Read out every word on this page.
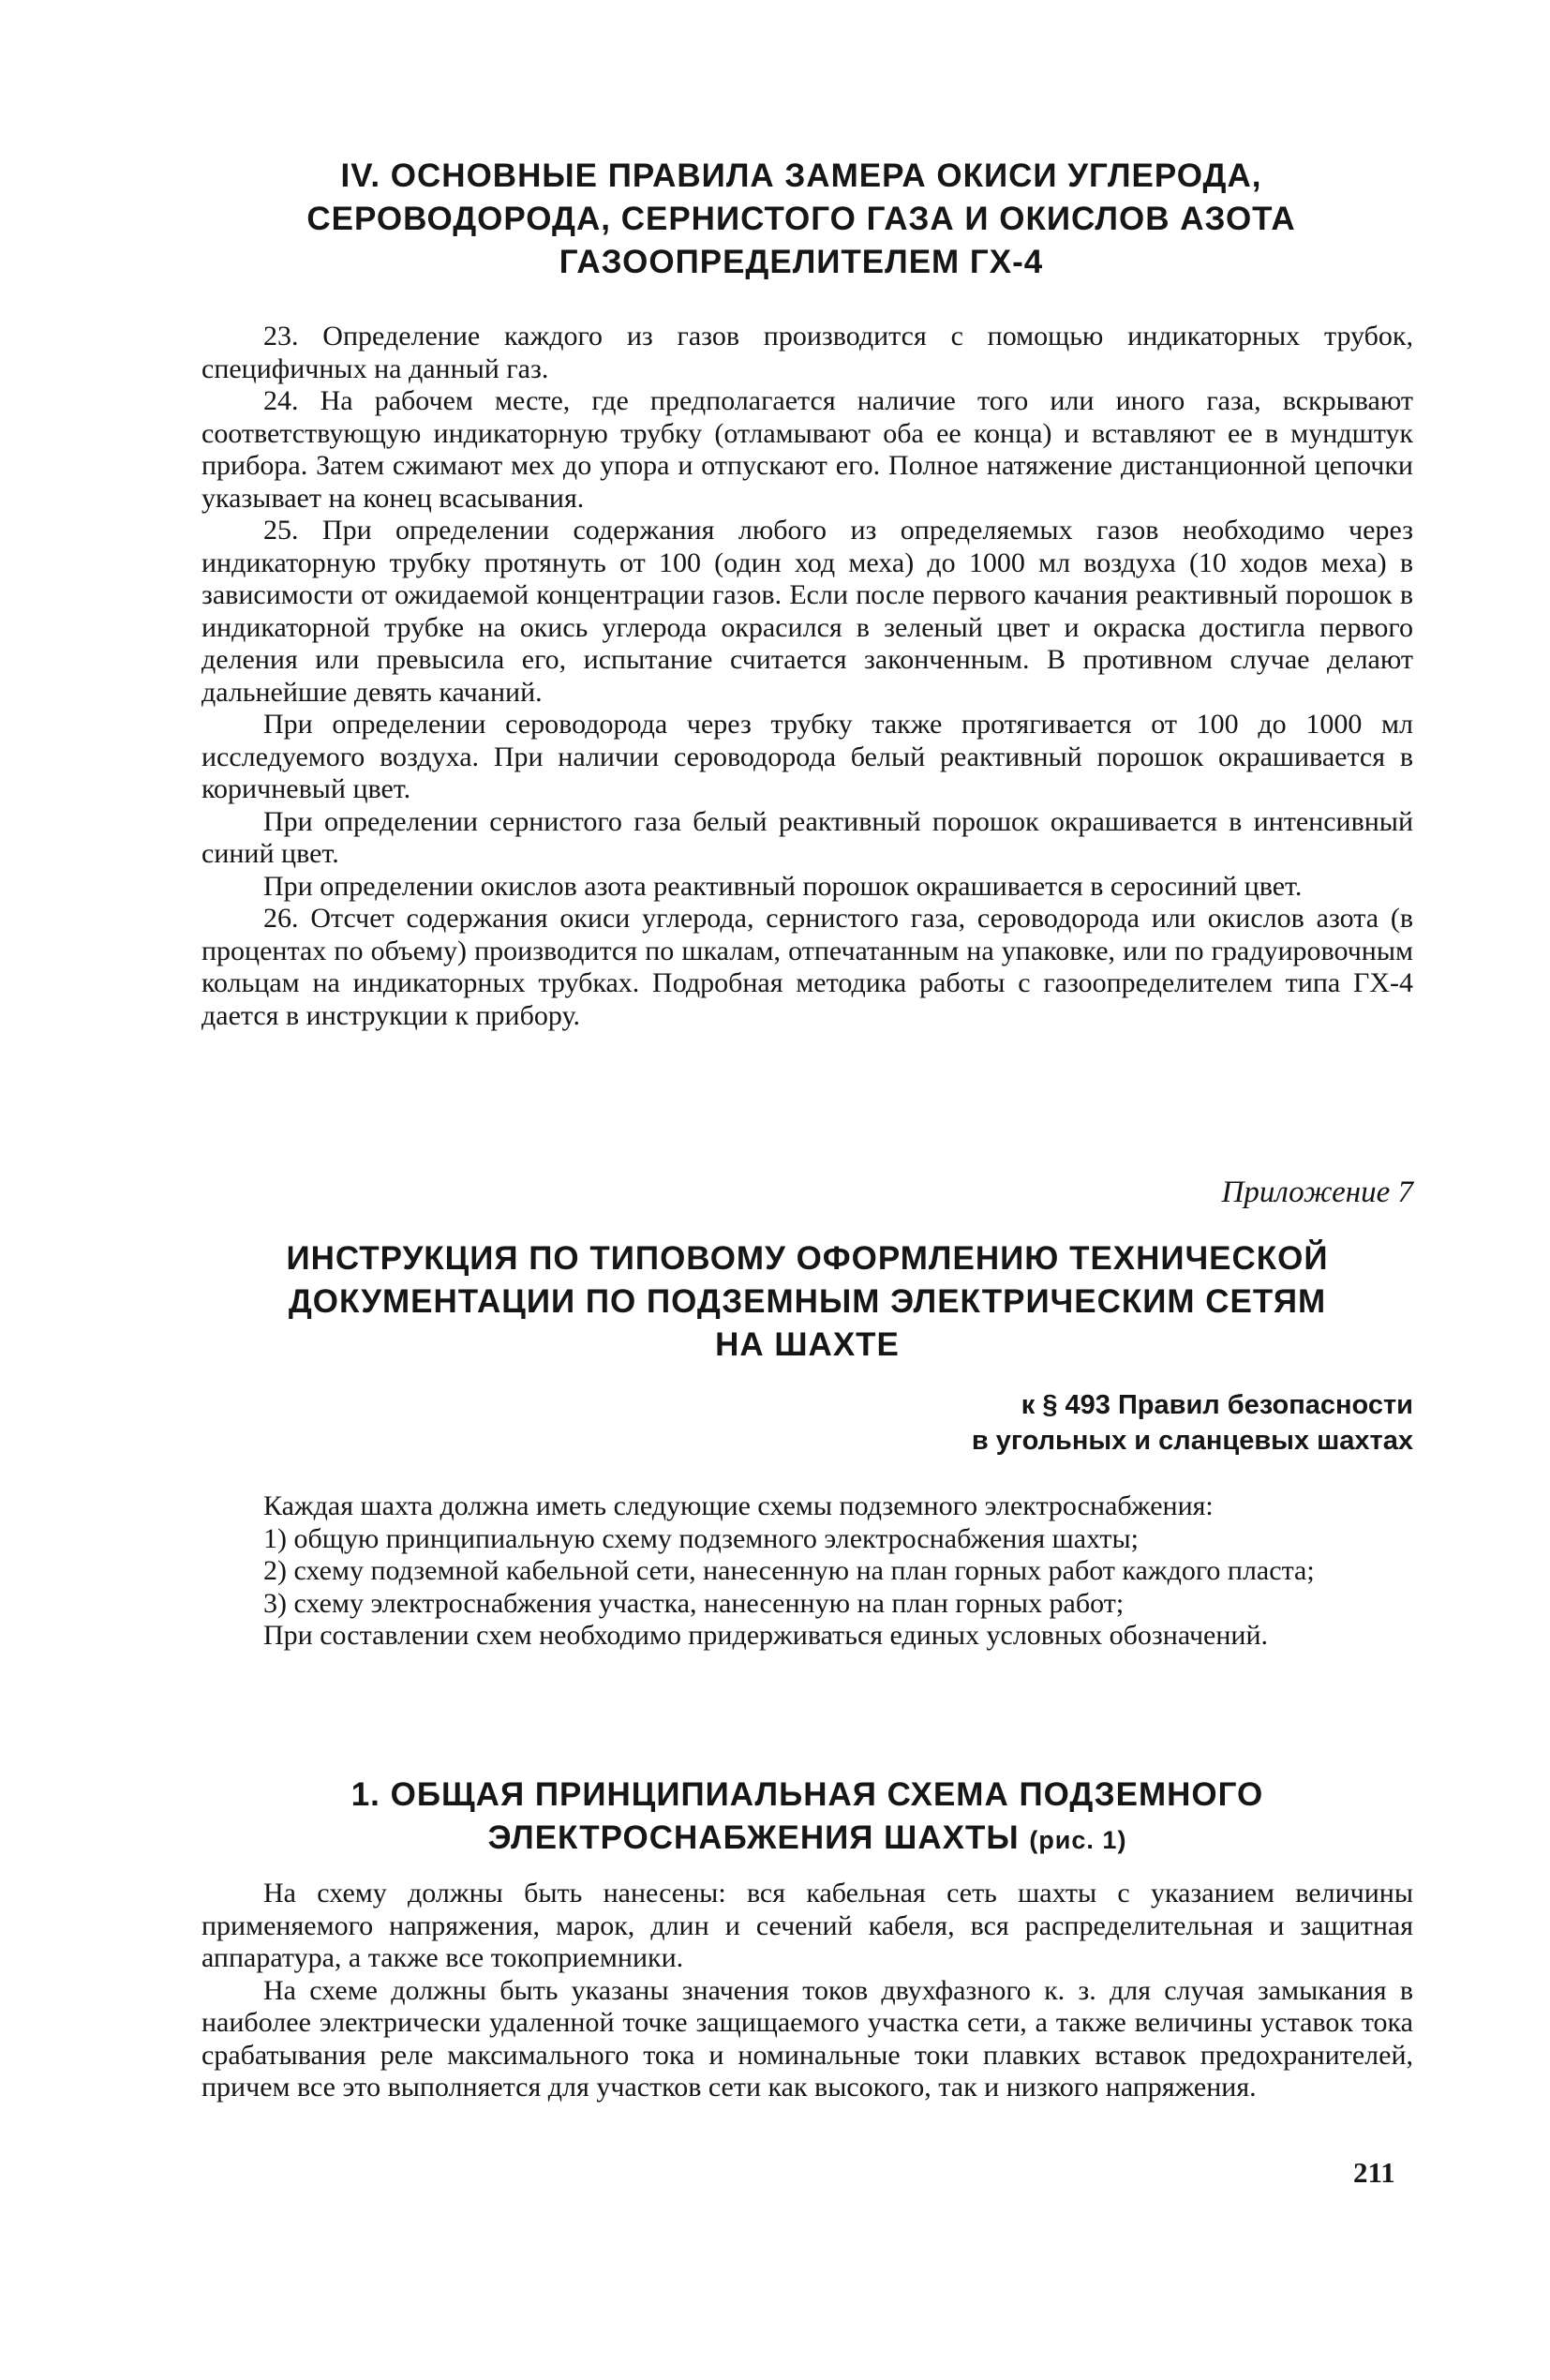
IV. ОСНОВНЫЕ ПРАВИЛА ЗАМЕРА ОКИСИ УГЛЕРОДА,
СЕРОВОДОРОДА, СЕРНИСТОГО ГАЗА И ОКИСЛОВ АЗОТА
ГАЗООПРЕДЕЛИТЕЛЕМ ГХ-4

23. Определение каждого из газов производится с помощью индикаторных трубок, специфичных на данный газ.

24. На рабочем месте, где предполагается наличие того или иного газа, вскрывают соответствующую индикаторную трубку (отламывают оба ее конца) и вставляют ее в мундштук прибора. Затем сжимают мех до упора и отпускают его. Полное натяжение дистанционной цепочки указывает на конец всасывания.

25. При определении содержания любого из определяемых газов необходимо через индикаторную трубку протянуть от 100 (один ход меха) до 1000 мл воздуха (10 ходов меха) в зависимости от ожидаемой концентрации газов. Если после первого качания реактивный порошок в индикаторной трубке на окись углерода окрасился в зеленый цвет и окраска достигла первого деления или превысила его, испытание считается законченным. В противном случае делают дальнейшие девять качаний.

При определении сероводорода через трубку также протягивается от 100 до 1000 мл исследуемого воздуха. При наличии сероводорода белый реактивный порошок окрашивается в коричневый цвет.

При определении сернистого газа белый реактивный порошок окрашивается в интенсивный синий цвет.

При определении окислов азота реактивный порошок окрашивается в серосиний цвет.

26. Отсчет содержания окиси углерода, сернистого газа, сероводорода или окислов азота (в процентах по объему) производится по шкалам, отпечатанным на упаковке, или по градуировочным кольцам на индикаторных трубках. Подробная методика работы с газоопределителем типа ГХ-4 дается в инструкции к прибору.

Приложение 7

ИНСТРУКЦИЯ ПО ТИПОВОМУ ОФОРМЛЕНИЮ ТЕХНИЧЕСКОЙ
ДОКУМЕНТАЦИИ ПО ПОДЗЕМНЫМ ЭЛЕКТРИЧЕСКИМ СЕТЯМ
НА ШАХТЕ

к § 493 Правил безопасности
в угольных и сланцевых шахтах

Каждая шахта должна иметь следующие схемы подземного электроснабжения:

1) общую принципиальную схему подземного электроснабжения шахты;

2) схему подземной кабельной сети, нанесенную на план горных работ каждого пласта;

3) схему электроснабжения участка, нанесенную на план горных работ;

При составлении схем необходимо придерживаться единых условных обозначений.

1. ОБЩАЯ ПРИНЦИПИАЛЬНАЯ СХЕМА ПОДЗЕМНОГО
ЭЛЕКТРОСНАБЖЕНИЯ ШАХТЫ (рис. 1)

На схему должны быть нанесены: вся кабельная сеть шахты с указанием величины применяемого напряжения, марок, длин и сечений кабеля, вся распределительная и защитная аппаратура, а также все токоприемники.

На схеме должны быть указаны значения токов двухфазного к. з. для случая замыкания в наиболее электрически удаленной точке защищаемого участка сети, а также величины уставок тока срабатывания реле максимального тока и номинальные токи плавких вставок предохранителей, причем все это выполняется для участков сети как высокого, так и низкого напряжения.

211
